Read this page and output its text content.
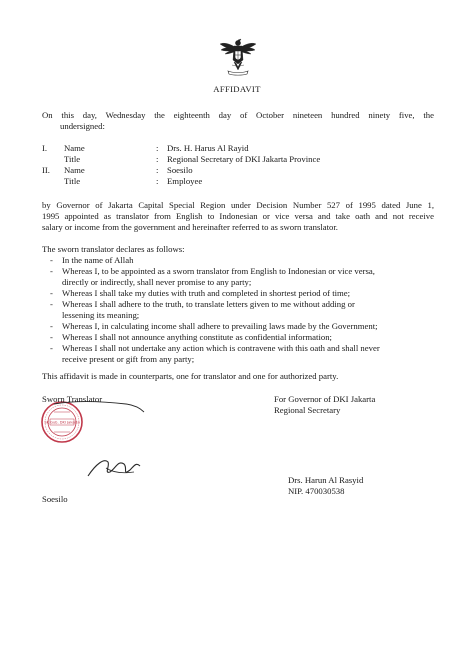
AFFIDAVIT
On this day, Wednesday the eighteenth day of October nineteen hundred ninety five, the
undersigned:
I. Name	: Drs. H. Harus Al Rayid
Title	: Regional Secretary of DKI Jakarta Province
II. Name	: Soesilo
Title	: Employee
by Governor of Jakarta Capital Special Region under Decision Number 527 of 1995 dated June 1,
1995 appointed as translator from English to Indonesian or vice versa and take oath and not receive
salary or income from the government and hereinafter referred to as sworn translator.
The sworn translator declares as follows:
- In the name of Allah
- Whereas I, to be appointed as a sworn translator from English to Indonesian or vice versa,
directly or indirectly, shall never promise to any party;
- Whereas I shall take my duties with truth and completed in shortest period of time;
- Whereas I shall adhere to the truth, to translate letters given to me without adding or
lessening its meaning;
- Whereas I, in calculating income shall adhere to prevailing laws made by the Government;
- Whereas I shall not announce anything constitute as confidential information;
- Whereas I shall not undertake any action which is contravene with this oath and shall never
receive present or gift from any party;
This affidavit is made in counterparts, one for translator and one for authorized party.
SK Gub. DKI Jakarta
Sworn Translator
Soesilo
For Governor of DKI Jakarta
Regional Secretary
Drs. Harun Al Rasyid
NIP. 470030538
